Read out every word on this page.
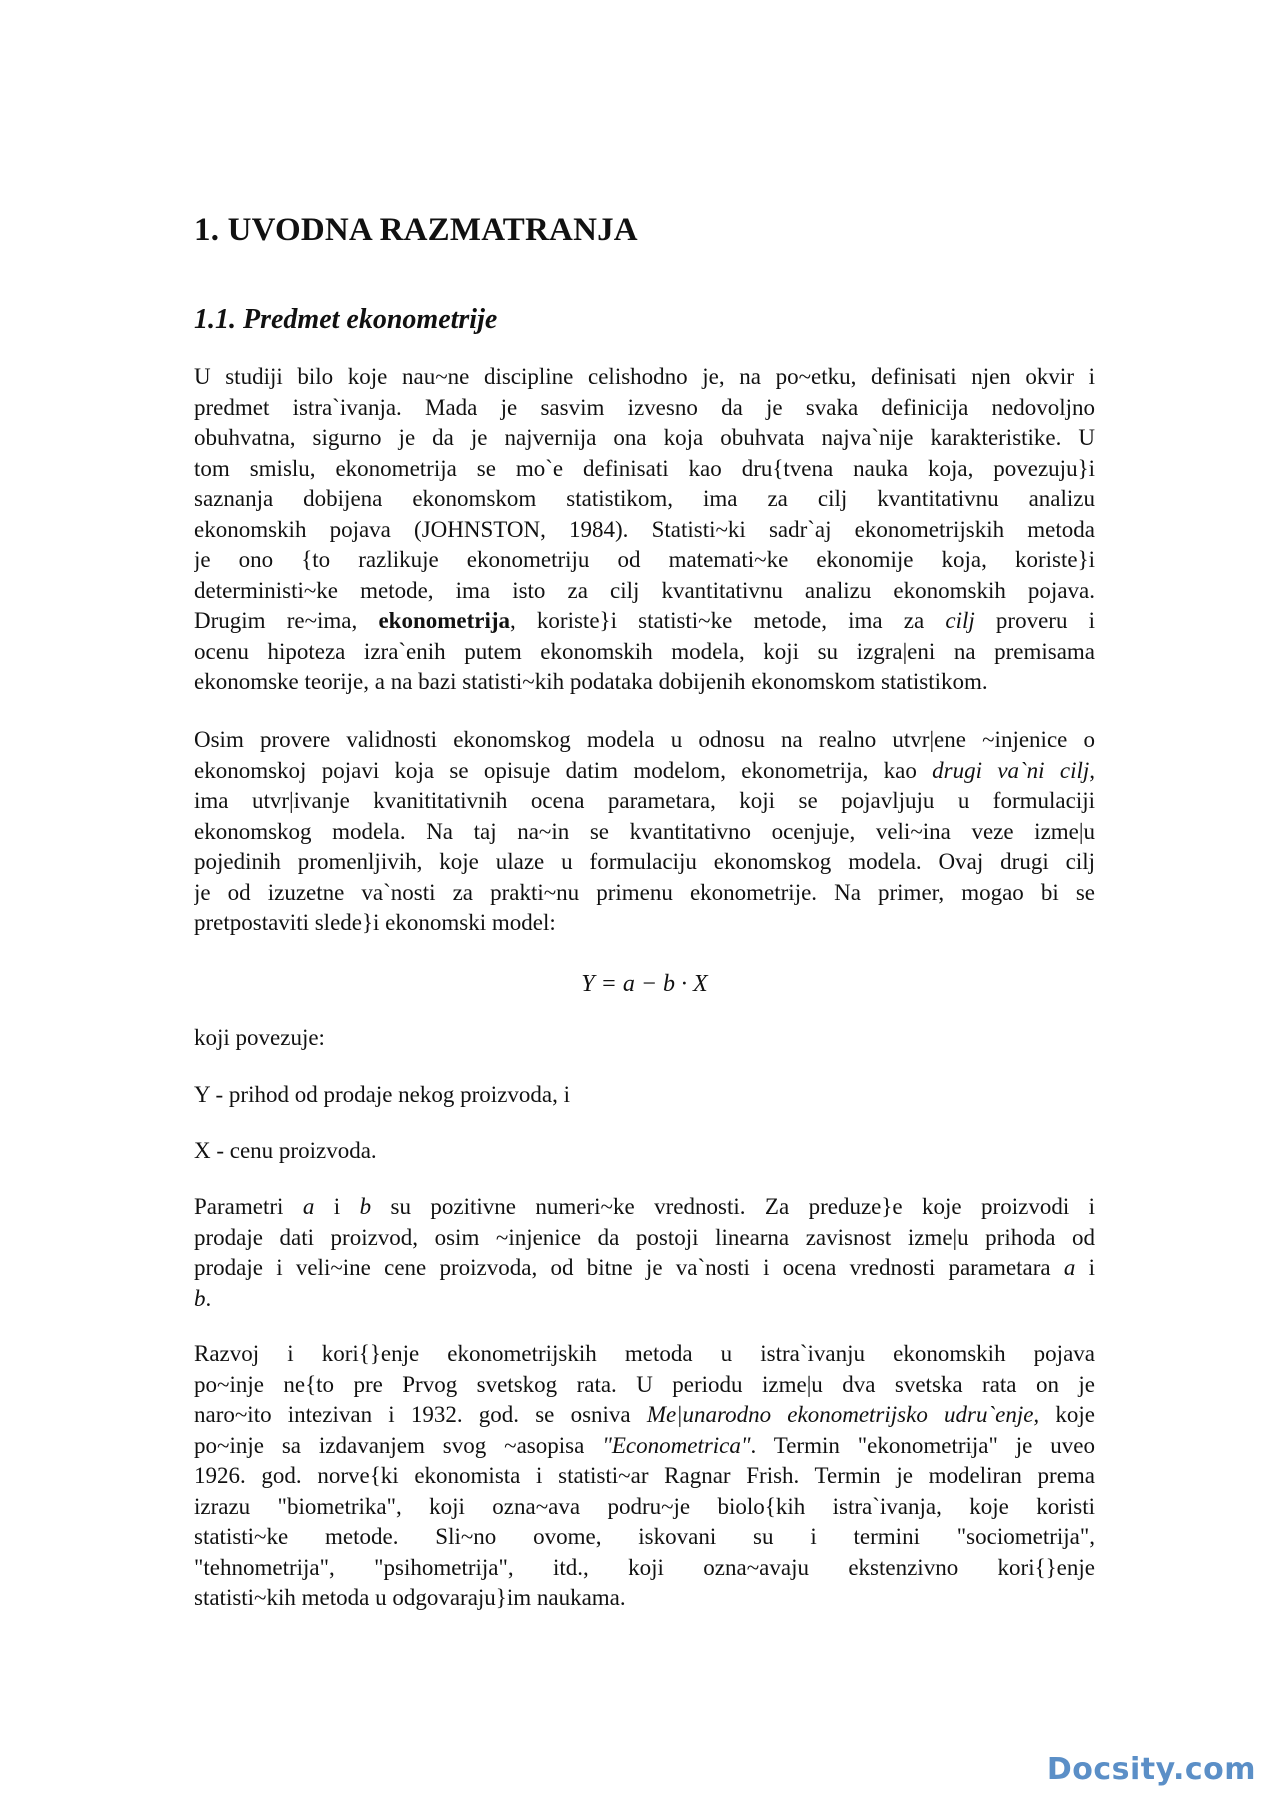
1. UVODNA RAZMATRANJA
1.1. Predmet ekonometrije
U studiji bilo koje nau~ne discipline celishodno je, na po~etku, definisati njen okvir i
predmet istra`ivanja. Mada je sasvim izvesno da je svaka definicija nedovoljno
obuhvatna, sigurno je da je najvernija ona koja obuhvata najva`nije karakteristike. U
tom smislu, ekonometrija se mo`e definisati kao dru{tvena nauka koja, povezuju}i
saznanja dobijena ekonomskom statistikom, ima za cilj kvantitativnu analizu
ekonomskih pojava (JOHNSTON, 1984). Statisti~ki sadr`aj ekonometrijskih metoda
je ono {to razlikuje ekonometriju od matemati~ke ekonomije koja, koriste}i
deterministi~ke metode, ima isto za cilj kvantitativnu analizu ekonomskih pojava.
Drugim re~ima, ekonometrija, koriste}i statisti~ke metode, ima za cilj proveru i
ocenu hipoteza izra`enih putem ekonomskih modela, koji su izgra|eni na premisama
ekonomske teorije, a na bazi statisti~kih podataka dobijenih ekonomskom statistikom.
Osim provere validnosti ekonomskog modela u odnosu na realno utvr|ene ~injenice o
ekonomskoj pojavi koja se opisuje datim modelom, ekonometrija, kao drugi va`ni cilj,
ima utvr|ivanje kvanititativnih ocena parametara, koji se pojavljuju u formulaciji
ekonomskog modela. Na taj na~in se kvantitativno ocenjuje, veli~ina veze izme|u
pojedinih promenljivih, koje ulaze u formulaciju ekonomskog modela. Ovaj drugi cilj
je od izuzetne va`nosti za prakti~nu primenu ekonometrije. Na primer, mogao bi se
pretpostaviti slede}i ekonomski model:
Y = a − b · X
koji povezuje:
Y - prihod od prodaje nekog proizvoda, i
X - cenu proizvoda.
Parametri a i b su pozitivne numeri~ke vrednosti. Za preduze}e koje proizvodi i
prodaje dati proizvod, osim ~injenice da postoji linearna zavisnost izme|u prihoda od
prodaje i veli~ine cene proizvoda, od bitne je va`nosti i ocena vrednosti parametara a i
b.
Razvoj i kori{}enje ekonometrijskih metoda u istra`ivanju ekonomskih pojava
po~inje ne{to pre Prvog svetskog rata. U periodu izme|u dva svetska rata on je
naro~ito intezivan i 1932. god. se osniva Me|unarodno ekonometrijsko udru`enje, koje
po~inje sa izdavanjem svog ~asopisa "Econometrica". Termin "ekonometrija" je uveo
1926. god. norve{ki ekonomista i statisti~ar Ragnar Frish. Termin je modeliran prema
izrazu "biometrika", koji ozna~ava podru~je biolo{kih istra`ivanja, koje koristi
statisti~ke metode. Sli~no ovome, iskovani su i termini "sociometrija",
"tehnometrija", "psihometrija", itd., koji ozna~avaju ekstenzivno kori{}enje
statisti~kih metoda u odgovaraju}im naukama.
Docsity.com
